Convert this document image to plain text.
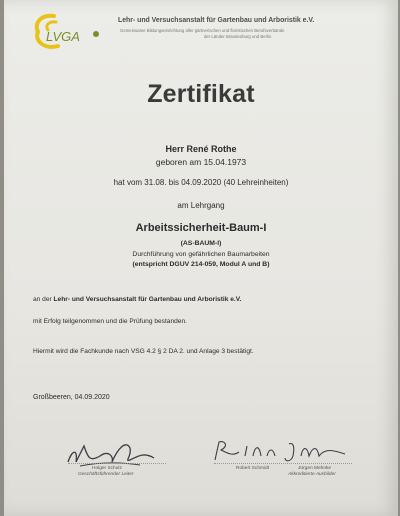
LVGA
Lehr- und Versuchsanstalt für Gartenbau und Arboristik e.V.
Gemeinsame Bildungseinrichtung aller gärtnerischen und floristischen Berufsverbände
der Länder Brandenburg und Berlin
Zertifikat
Herr René Rothe
geboren am 15.04.1973
hat vom 31.08. bis 04.09.2020 (40 Lehreinheiten)
am Lehrgang
Arbeitssicherheit-Baum-I
(AS-BAUM-I)
Durchführung von gefährlichen Baumarbeiten
(entspricht DGUV 214-059, Modul A und B)
an der Lehr- und Versuchsanstalt für Gartenbau und Arboristik e.V.
mit Erfolg teilgenommen und die Prüfung bestanden.
Hiermit wird die Fachkunde nach VSG 4.2 § 2 DA 2. und Anlage 3 bestätigt.
Großbeeren, 04.09.2020
Holger Schulz
Geschäftsführender Leiter
Robert Schmidt	Jürgen Mehnke
Akkreditierte Ausbilder
